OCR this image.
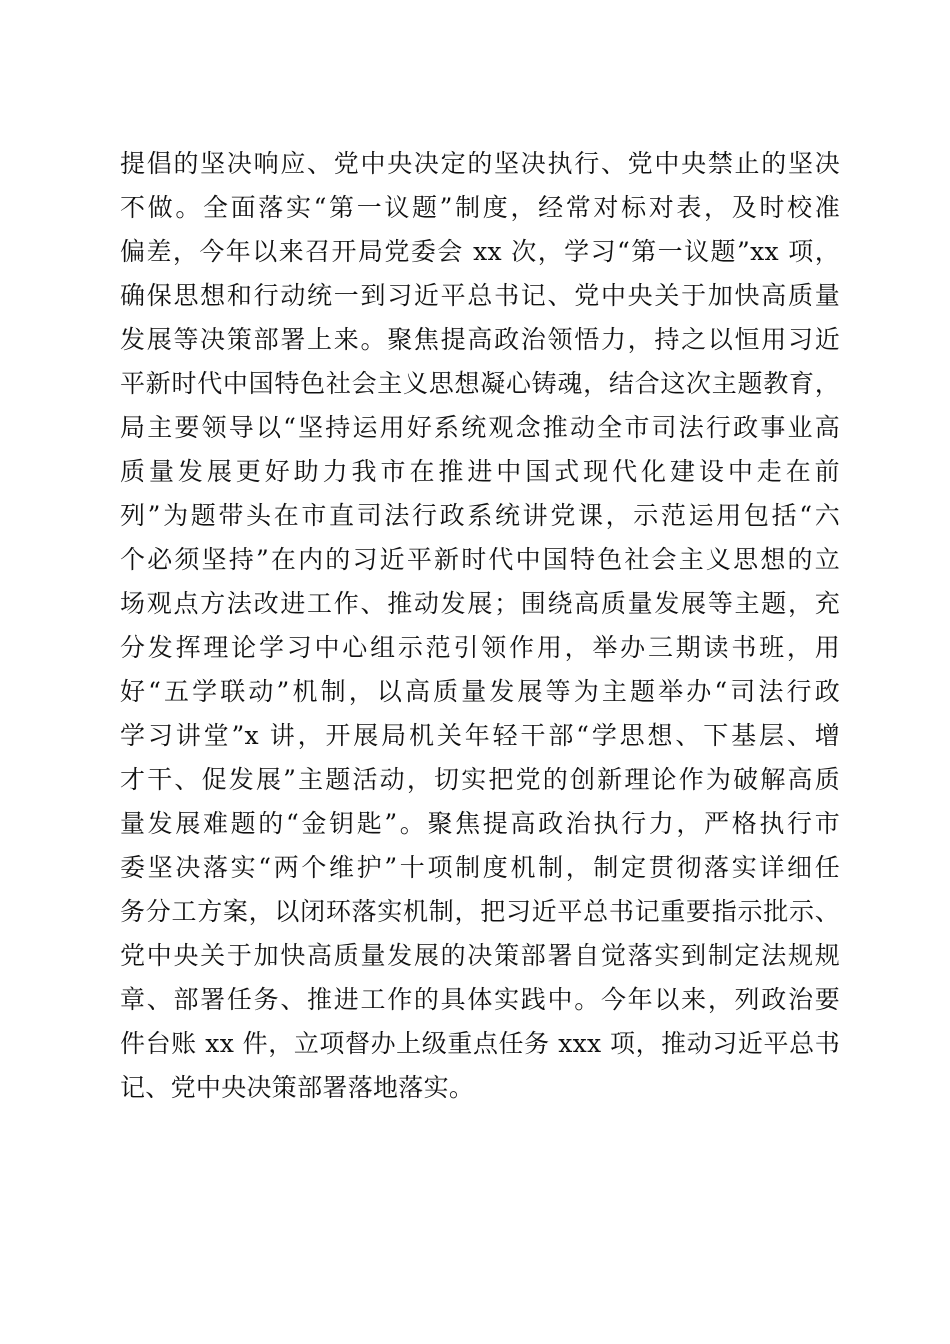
提倡的坚决响应、党中央决定的坚决执行、党中央禁止的坚决
不做。全面落实“第一议题”制度，经常对标对表，及时校准
偏差，今年以来召开局党委会 xx 次，学习“第一议题”xx 项，
确保思想和行动统一到习近平总书记、党中央关于加快高质量
发展等决策部署上来。聚焦提高政治领悟力，持之以恒用习近
平新时代中国特色社会主义思想凝心铸魂，结合这次主题教育，
局主要领导以“坚持运用好系统观念推动全市司法行政事业高
质量发展更好助力我市在推进中国式现代化建设中走在前
列”为题带头在市直司法行政系统讲党课，示范运用包括“六
个必须坚持”在内的习近平新时代中国特色社会主义思想的立
场观点方法改进工作、推动发展；围绕高质量发展等主题，充
分发挥理论学习中心组示范引领作用，举办三期读书班，用
好“五学联动”机制，以高质量发展等为主题举办“司法行政
学习讲堂”x 讲，开展局机关年轻干部“学思想、下基层、增
才干、促发展”主题活动，切实把党的创新理论作为破解高质
量发展难题的“金钥匙”。聚焦提高政治执行力，严格执行市
委坚决落实“两个维护”十项制度机制，制定贯彻落实详细任
务分工方案，以闭环落实机制，把习近平总书记重要指示批示、
党中央关于加快高质量发展的决策部署自觉落实到制定法规规
章、部署任务、推进工作的具体实践中。今年以来，列政治要
件台账 xx 件，立项督办上级重点任务 xxx 项，推动习近平总书
记、党中央决策部署落地落实。
